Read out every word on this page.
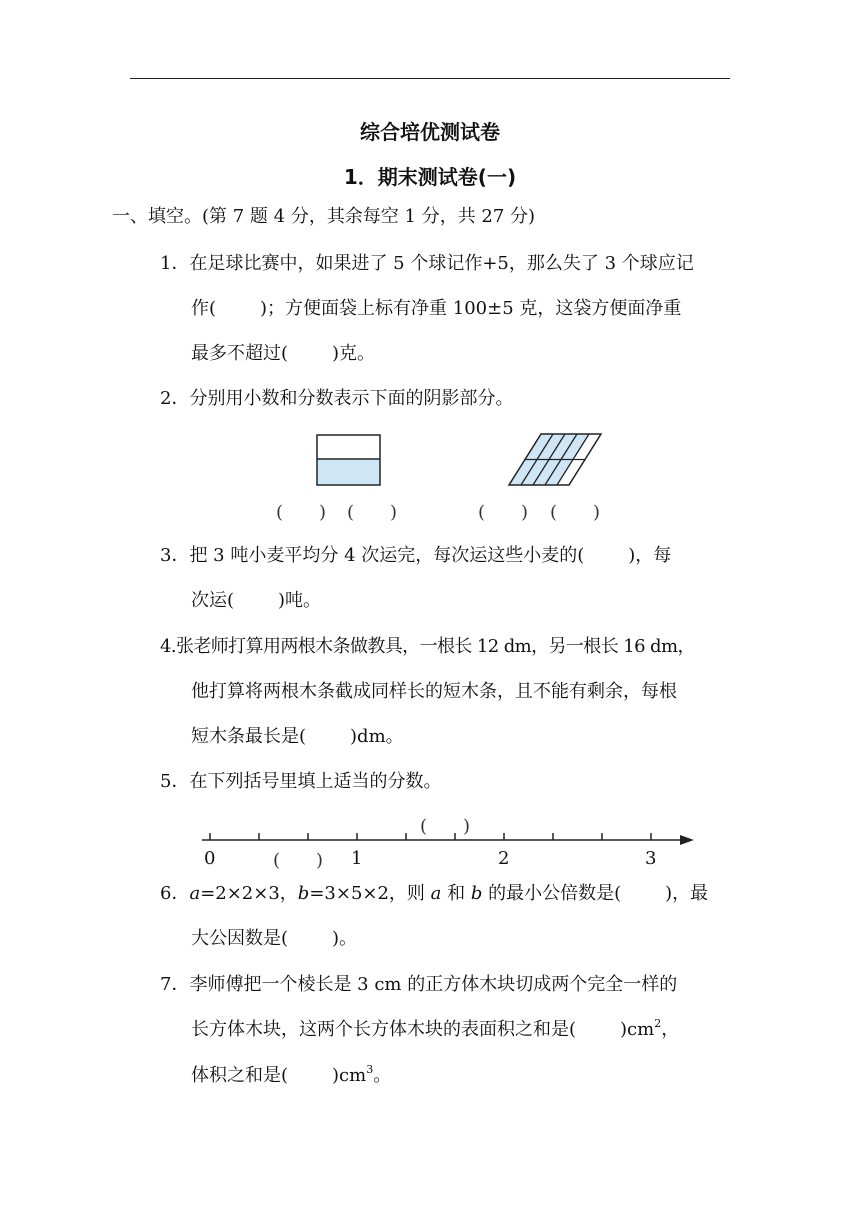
综合培优测试卷
1．期末测试卷(一)
一、填空。(第 7 题 4 分，其余每空 1 分，共 27 分)
1．在足球比赛中，如果进了 5 个球记作+5，那么失了 3 个球应记
作( )；方便面袋上标有净重 100±5 克，这袋方便面净重
最多不超过( )克。
2．分别用小数和分数表示下面的阴影部分。
(　　) (　　)	(　　) (　　)
3．把 3 吨小麦平均分 4 次运完，每次运这些小麦的( )，每
次运( )吨。
4.张老师打算用两根木条做教具，一根长 12 dm，另一根长 16 dm，
他打算将两根木条截成同样长的短木条，且不能有剩余，每根
短木条最长是( )dm。
5．在下列括号里填上适当的分数。
0	1	2	3
(　　)
(　　)
6．a=2×2×3，b=3×5×2，则 a 和 b 的最小公倍数是( )，最
大公因数是( )。
7．李师傅把一个棱长是 3 cm 的正方体木块切成两个完全一样的
长方体木块，这两个长方体木块的表面积之和是( )$cm^2$，
体积之和是( )$cm^3$。
